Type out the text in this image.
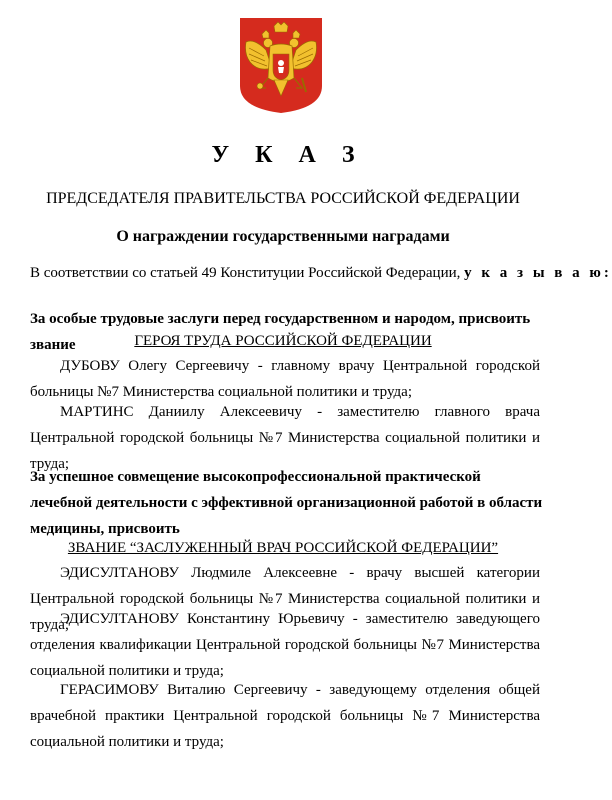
У К А З
ПРЕДСЕДАТЕЛЯ ПРАВИТЕЛЬСТВА РОССИЙСКОЙ ФЕДЕРАЦИИ
О награждении государственными наградами
В соответствии со статьей 49 Конституции Российской Федерации, у к а з ы в а ю:
За особые трудовые заслуги перед государственном и народом, присвоить звание	ГЕРОЯ ТРУДА РОССИЙСКОЙ ФЕДЕРАЦИИ
ДУБОВУ Олегу Сергеевичу - главному врачу Центральной городской больницы №7 Министерства социальной политики и труда;
МАРТИНС Даниилу Алексеевичу - заместителю главного врача Центральной городской больницы №7 Министерства социальной политики и труда;
За успешное совмещение высокопрофессиональной практической лечебной деятельности с эффективной организационной работой в области медицины, присвоить
ЗВАНИЕ “ЗАСЛУЖЕННЫЙ ВРАЧ РОССИЙСКОЙ ФЕДЕРАЦИИ”
ЭДИСУЛТАНОВУ Людмиле Алексеевне - врачу высшей категории Центральной городской больницы №7 Министерства социальной политики и труда;
ЭДИСУЛТАНОВУ Константину Юрьевичу - заместителю заведующего отделения квалификации Центральной городской больницы №7 Министерства социальной политики и труда;
ГЕРАСИМОВУ Виталию Сергеевичу - заведующему отделения общей врачебной практики Центральной городской больницы №7 Министерства социальной политики и труда;
